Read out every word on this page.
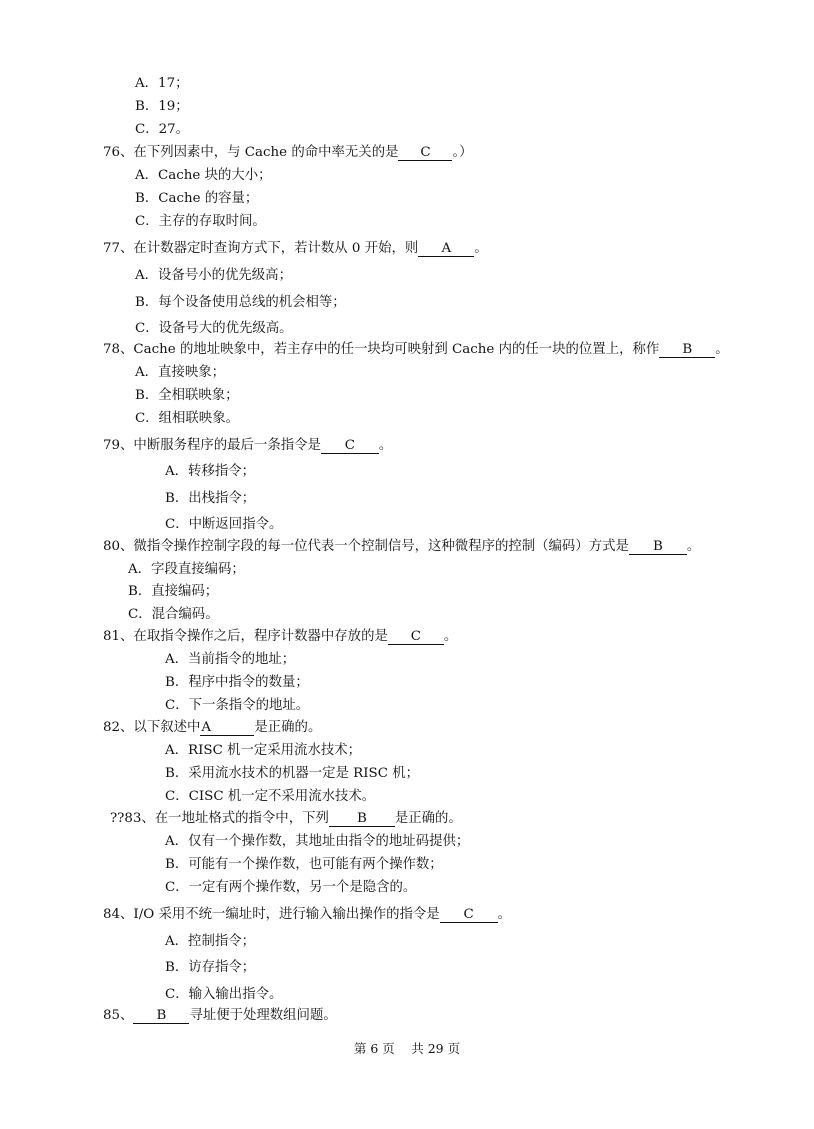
A．17；
B．19；
C．27。
76、在下列因素中，与 Cache 的命中率无关的是 C 。）
A．Cache 块的大小；
B．Cache 的容量；
C．主存的存取时间。
77、在计数器定时查询方式下，若计数从 0 开始，则 A 。
A．设备号小的优先级高；
B．每个设备使用总线的机会相等；
C．设备号大的优先级高。
78、Cache 的地址映象中，若主存中的任一块均可映射到 Cache 内的任一块的位置上，称作 B 。
A．直接映象；
B．全相联映象；
C．组相联映象。
79、中断服务程序的最后一条指令是 C 。
A．转移指令；
B．出栈指令；
C．中断返回指令。
80、微指令操作控制字段的每一位代表一个控制信号，这种微程序的控制（编码）方式是 B 。
A．字段直接编码；
B．直接编码；
C．混合编码。
81、在取指令操作之后，程序计数器中存放的是 C 。
A．当前指令的地址；
B．程序中指令的数量；
C．下一条指令的地址。
82、以下叙述中A	是正确的。
A．RISC 机一定采用流水技术；
B．采用流水技术的机器一定是 RISC 机；
C．CISC 机一定不采用流水技术。
??83、在一地址格式的指令中，下列 B 是正确的。
A．仅有一个操作数，其地址由指令的地址码提供；
B．可能有一个操作数，也可能有两个操作数；
C．一定有两个操作数，另一个是隐含的。
84、I/O 采用不统一编址时，进行输入输出操作的指令是 C 。
A．控制指令；
B．访存指令；
C．输入输出指令。
85、 B 寻址便于处理数组问题。
第 6 页　 共 29 页
